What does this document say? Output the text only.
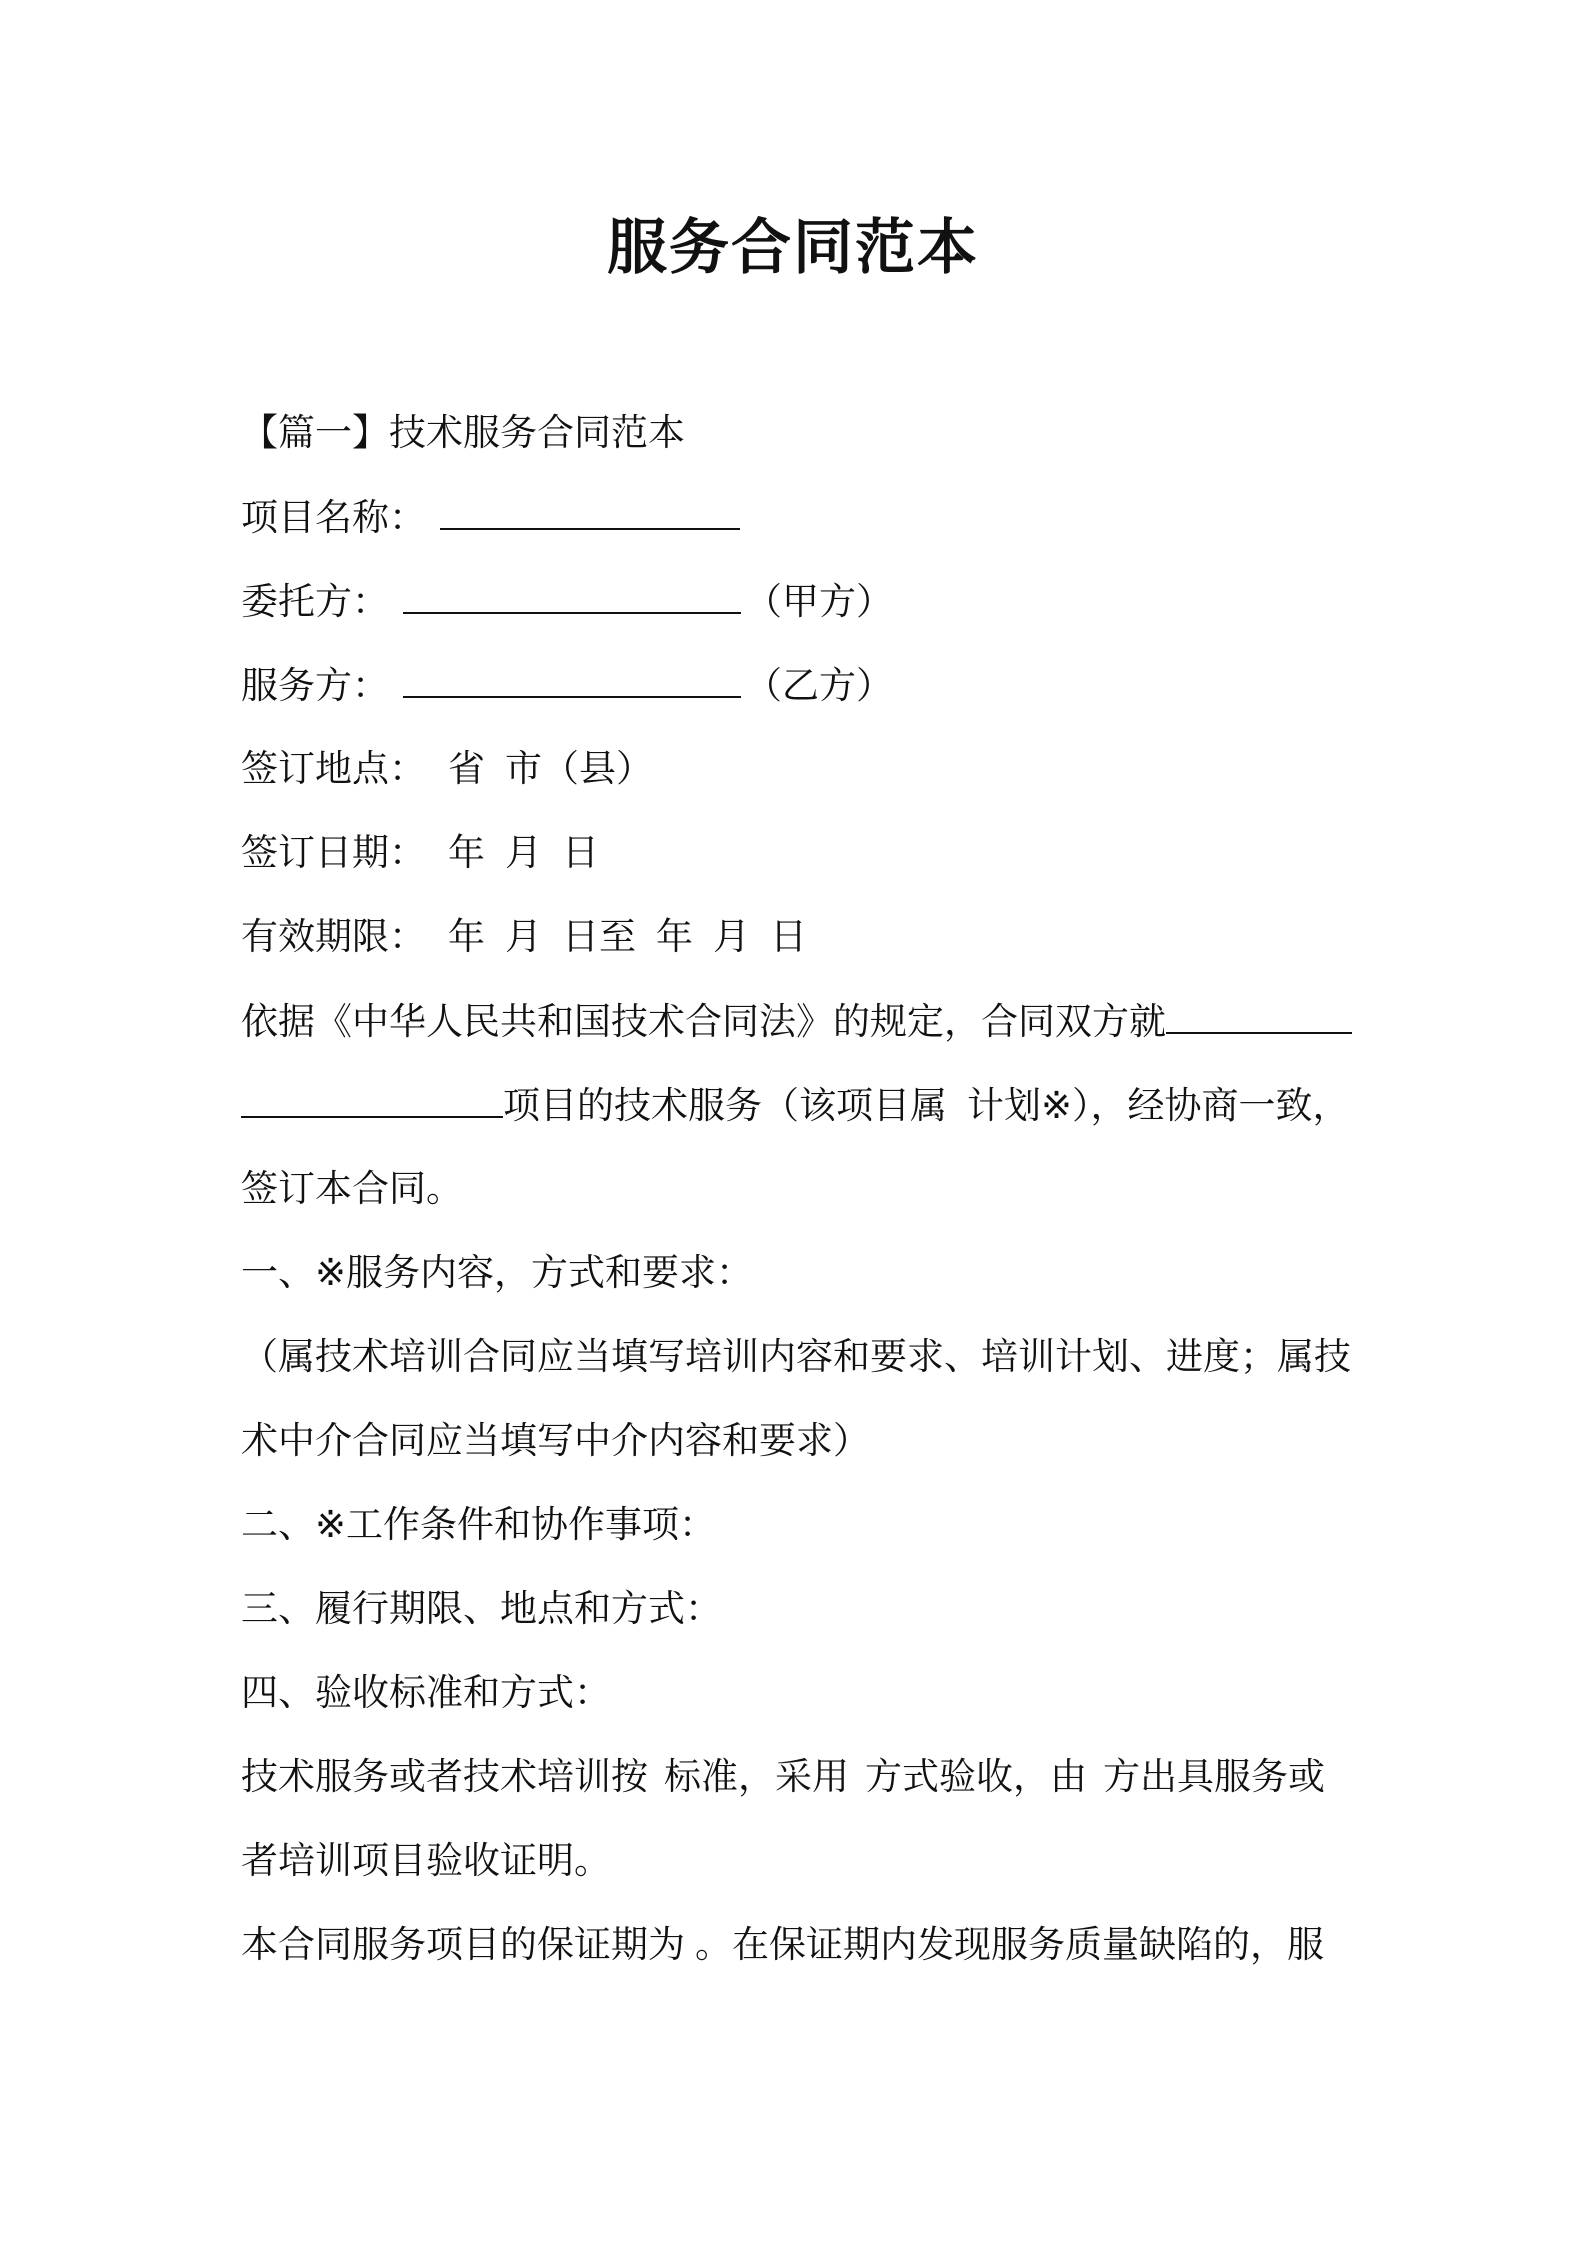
服务合同范本

【篇一】技术服务合同范本

项目名称：

委托方：	（甲方）

服务方：	（乙方）

签订地点： 省 市（县）

签订日期： 年 月 日

有效期限： 年 月 日至 年 月 日

依据《中华人民共和国技术合同法》的规定，合同双方就

项目的技术服务（该项目属 计划※），经协商一致，

签订本合同。

一、※服务内容，方式和要求：

（属技术培训合同应当填写培训内容和要求、培训计划、进度；属技

术中介合同应当填写中介内容和要求）

二、※工作条件和协作事项：

三、履行期限、地点和方式：

四、验收标准和方式：

技术服务或者技术培训按 标准，采用 方式验收，由 方出具服务或

者培训项目验收证明。

本合同服务项目的保证期为 。在保证期内发现服务质量缺陷的，服
